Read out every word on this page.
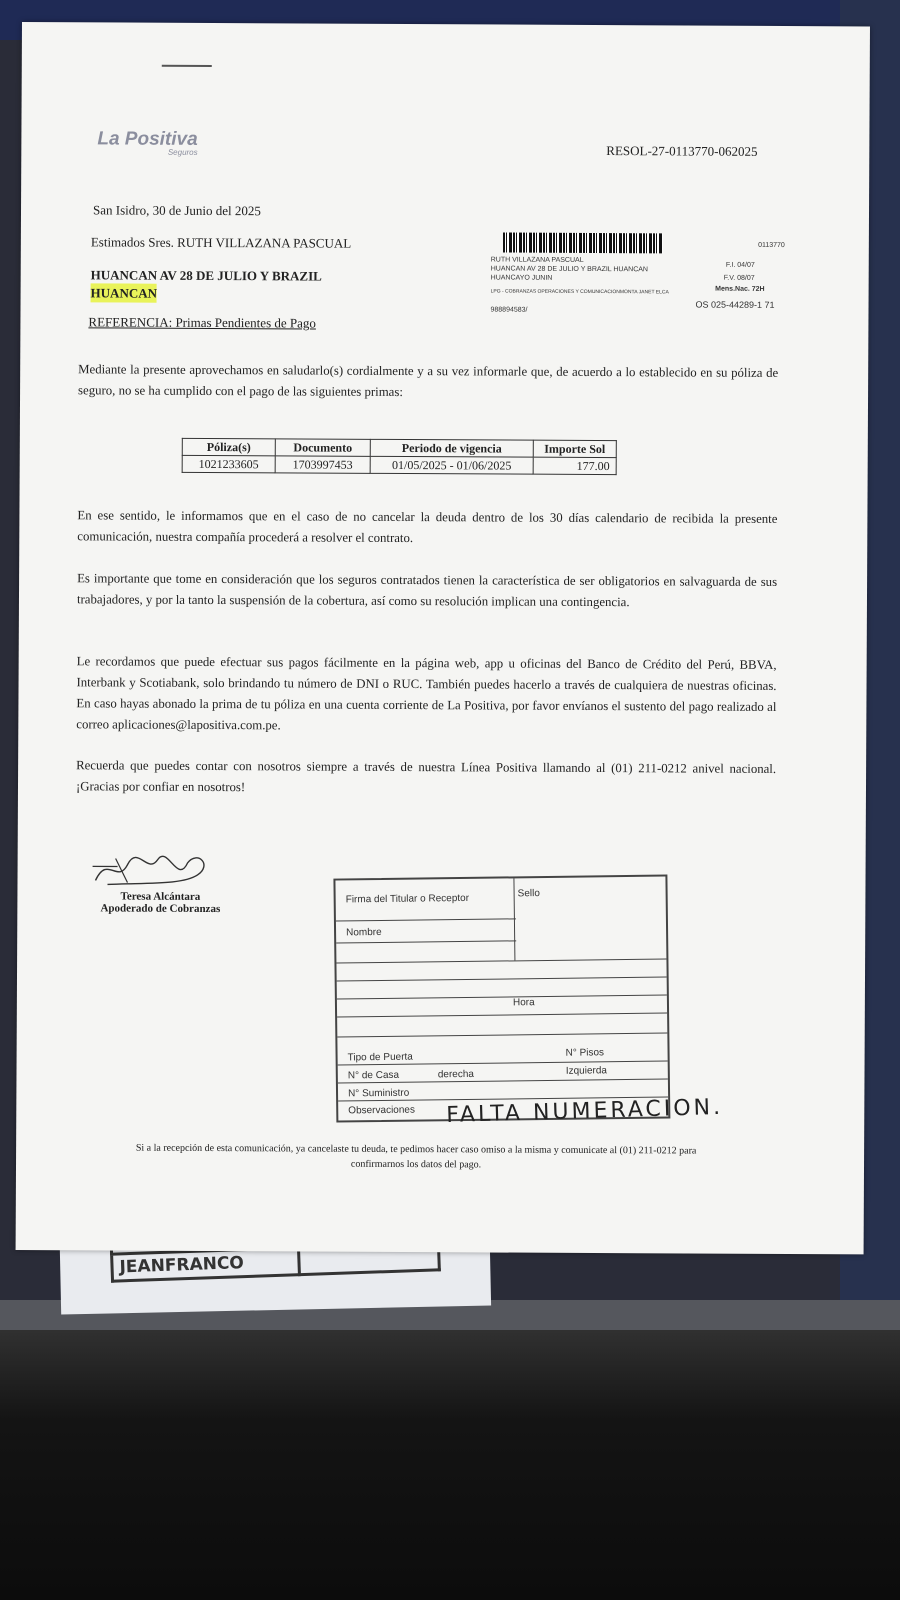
JEANFRANCO	
La Positiva
Seguros	RESOL-27-0113770-062025
San Isidro, 30 de Junio del 2025
Estimados Sres. RUTH VILLAZANA PASCUAL
HUANCAN AV 28 DE JULIO Y BRAZIL
HUANCAN
0113770
RUTH VILLAZANA PASCUAL
HUANCAN AV 28 DE JULIO Y BRAZIL HUANCAN
HUANCAYO JUNIN
F.I. 04/07
F.V. 08/07
Mens.Nac. 72H
LPG - COBRANZAS OPERACIONES Y COMUNICACIONMONTA JANET ELCA
988894583/
OS 025-44289-1 71
REFERENCIA: Primas Pendientes de Pago
Mediante la presente aprovechamos en saludarlo(s) cordialmente y a su vez informarle que, de acuerdo a lo establecido en su póliza de seguro, no se ha cumplido con el pago de las siguientes primas:
Póliza(s)	Documento	Periodo de vigencia	Importe Sol
1021233605	1703997453	01/05/2025 - 01/06/2025	177.00
En ese sentido, le informamos que en el caso de no cancelar la deuda dentro de los 30 días calendario de recibida la presente comunicación, nuestra compañía procederá a resolver el contrato.
Es importante que tome en consideración que los seguros contratados tienen la característica de ser obligatorios en salvaguarda de sus trabajadores, y por la tanto la suspensión de la cobertura, así como su resolución implican una contingencia.
Le recordamos que puede efectuar sus pagos fácilmente en la página web, app u oficinas del Banco de Crédito del Perú, BBVA, Interbank y Scotiabank, solo brindando tu número de DNI o RUC. También puedes hacerlo a través de cualquiera de nuestras oficinas. En caso hayas abonado la prima de tu póliza en una cuenta corriente de La Positiva, por favor envíanos el sustento del pago realizado al correo aplicaciones@lapositiva.com.pe.
Recuerda que puedes contar con nosotros siempre a través de nuestra Línea Positiva llamando al (01) 211-0212 anivel nacional. ¡Gracias por confiar en nosotros!
Teresa Alcántara
Apoderado de Cobranzas
Firma del Titular o Receptor	Sello
Nombre
Hora
Tipo de Puerta	N° Pisos
N° de Casa	derecha	Izquierda
N° Suministro
Observaciones FALTA NUMERACION.
Si a la recepción de esta comunicación, ya cancelaste tu deuda, te pedimos hacer caso omiso a la misma y comunicate al (01) 211-0212 para confirmarnos los datos del pago.
